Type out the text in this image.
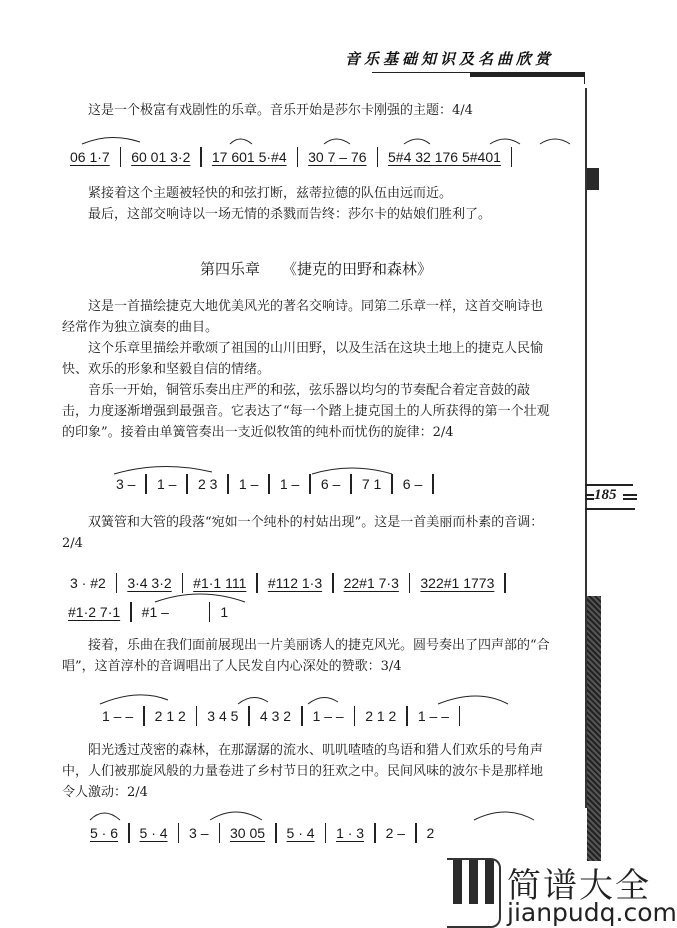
音乐基础知识及名曲欣赏
185
这是一个极富有戏剧性的乐章。音乐开始是莎尔卡刚强的主题：4/4
06 1·7	60 01 3·2	17 601 5·#4	30 7 – 76	5#4 32 176 5#401
紧接着这个主题被轻快的和弦打断，兹蒂拉德的队伍由远而近。
最后，这部交响诗以一场无情的杀戮而告终：莎尔卡的姑娘们胜利了。
第四乐章 《捷克的田野和森林》
这是一首描绘捷克大地优美风光的著名交响诗。同第二乐章一样，这首交响诗也经常作为独立演奏的曲目。
这个乐章里描绘并歌颂了祖国的山川田野，以及生活在这块土地上的捷克人民愉快、欢乐的形象和坚毅自信的情绪。
音乐一开始，铜管乐奏出庄严的和弦，弦乐器以均匀的节奏配合着定音鼓的敲击，力度逐渐增强到最强音。它表达了“每一个踏上捷克国土的人所获得的第一个壮观的印象”。接着由单簧管奏出一支近似牧笛的纯朴而忧伤的旋律：2/4
3 –	1 –	2 3	1 –	1 –	6 –	7 1	6 –
双簧管和大管的段落“宛如一个纯朴的村姑出现”。这是一首美丽而朴素的音调：2/4
3 · #2	3·4 3·2	#1·1 111	#112 1·3	22#1 7·3	322#1 1773
#1·2 7·1	#1 –	1
接着，乐曲在我们面前展现出一片美丽诱人的捷克风光。圆号奏出了四声部的“合唱”，这首淳朴的音调唱出了人民发自内心深处的赞歌：3/4
1 – –	2 1 2	3 4 5	4 3 2	1 – –	2 1 2	1 – –
阳光透过茂密的森林，在那潺潺的流水、叽叽喳喳的鸟语和猎人们欢乐的号角声中，人们被那旋风般的力量卷进了乡村节日的狂欢之中。民间风味的波尔卡是那样地令人激动：2/4
5 · 6	5 · 4	3 –	30 05	5 · 4	1 · 3	2 –	2
简谱大全
jianpudq.com
